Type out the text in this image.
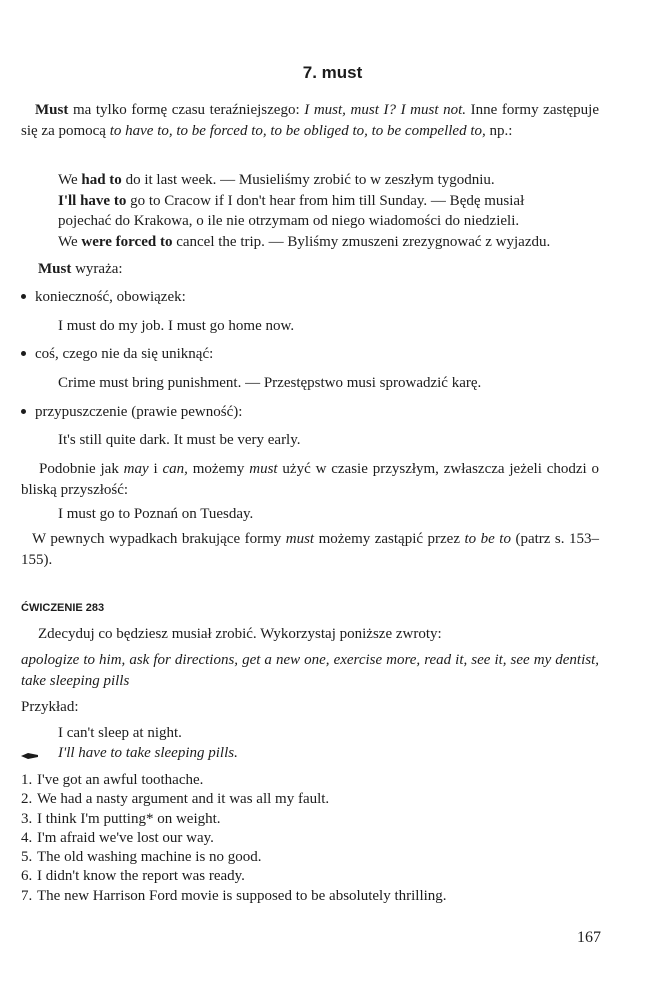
7. must
Must ma tylko formę czasu teraźniejszego: I must, must I? I must not. Inne formy zastępuje się za pomocą to have to, to be forced to, to be obliged to, to be compelled to, np.:
We had to do it last week. — Musieliśmy zrobić to w zeszłym tygodniu.
I'll have to go to Cracow if I don't hear from him till Sunday. — Będę musiał
pojechać do Krakowa, o ile nie otrzymam od niego wiadomości do niedzieli.
We were forced to cancel the trip. — Byliśmy zmuszeni zrezygnować z wyjazdu.
Must wyraża:
konieczność, obowiązek:
I must do my job. I must go home now.
coś, czego nie da się uniknąć:
Crime must bring punishment. — Przestępstwo musi sprowadzić karę.
przypuszczenie (prawie pewność):
It's still quite dark. It must be very early.
Podobnie jak may i can, możemy must użyć w czasie przyszłym, zwłaszcza jeżeli chodzi o bliską przyszłość:
I must go to Poznań on Tuesday.
W pewnych wypadkach brakujące formy must możemy zastąpić przez to be to (patrz s. 153–155).
ĆWICZENIE 283
Zdecyduj co będziesz musiał zrobić. Wykorzystaj poniższe zwroty:
apologize to him, ask for directions, get a new one, exercise more, read it, see it, see my dentist, take sleeping pills
Przykład:
I can't sleep at night.
I'll have to take sleeping pills.
1. I've got an awful toothache.
2. We had a nasty argument and it was all my fault.
3. I think I'm putting* on weight.
4. I'm afraid we've lost our way.
5. The old washing machine is no good.
6. I didn't know the report was ready.
7. The new Harrison Ford movie is supposed to be absolutely thrilling.
167
